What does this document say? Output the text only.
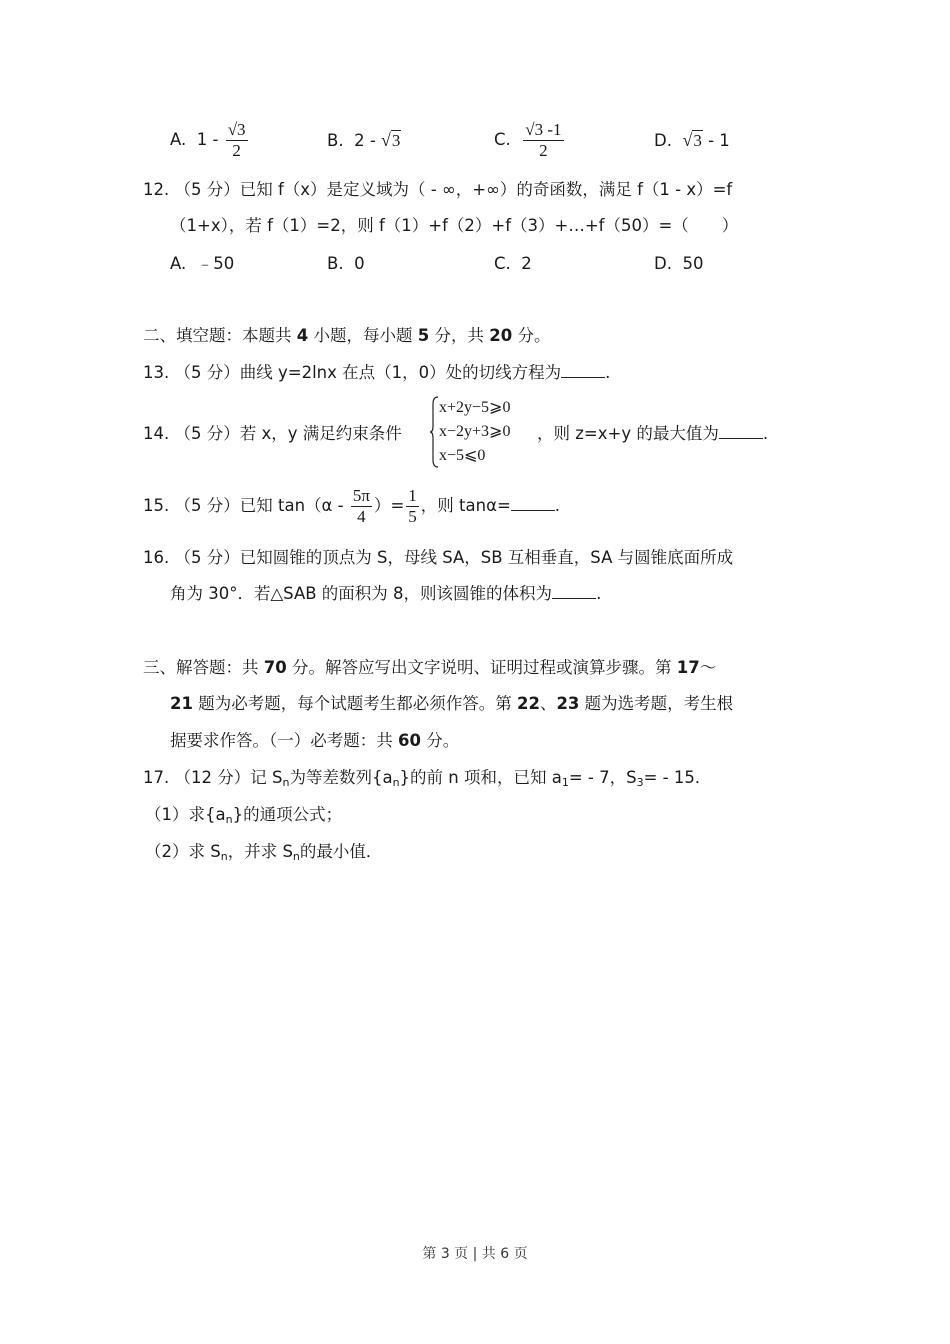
A. $1 - \frac{√3}{2}$	B. 2 - √3	C. $\frac{√3 -1}{2}$	D. √3 - 1
12. （5 分）已知 f（x）是定义域为（ - ∞，+∞）的奇函数，满足 f（1 - x）=f
（1+x），若 f（1）=2，则 f（1）+f（2）+f（3）+…+f（50）=（　　）
A. ﹣50	B. 0	C. 2	D. 50
二、填空题：本题共 4 小题，每小题 5 分，共 20 分。
13. （5 分）曲线 y=2lnx 在点（1，0）处的切线方程为	.
14. （5 分）若 x，y 满足约束条件
x+2y−5⩾0
x−2y+3⩾0
x−5⩽0
，则 z=x+y 的最大值为	.
15. （5 分）已知 $\tan(\alpha - \frac{5\pi}{4}$ ）= $\frac{1}{5}$ ，则 tanα=	.
16. （5 分）已知圆锥的顶点为 S，母线 SA，SB 互相垂直，SA 与圆锥底面所成
角为 30°．若△SAB 的面积为 8，则该圆锥的体积为	.
三、解答题：共 70 分。解答应写出文字说明、证明过程或演算步骤。第 17～
21 题为必考题，每个试题考生都必须作答。第 22、23 题为选考题，考生根
据要求作答。（一）必考题：共 60 分。
17. （12 分）记 $S_n$为等差数列$\{a_n\}$的前 n 项和，已知 $a_1= - 7$，$S_3= - 15$．
（1）求$\{a_n\}$的通项公式；
（2）求 $S_n$，并求 $S_n$的最小值．
第 3 页 | 共 6 页
